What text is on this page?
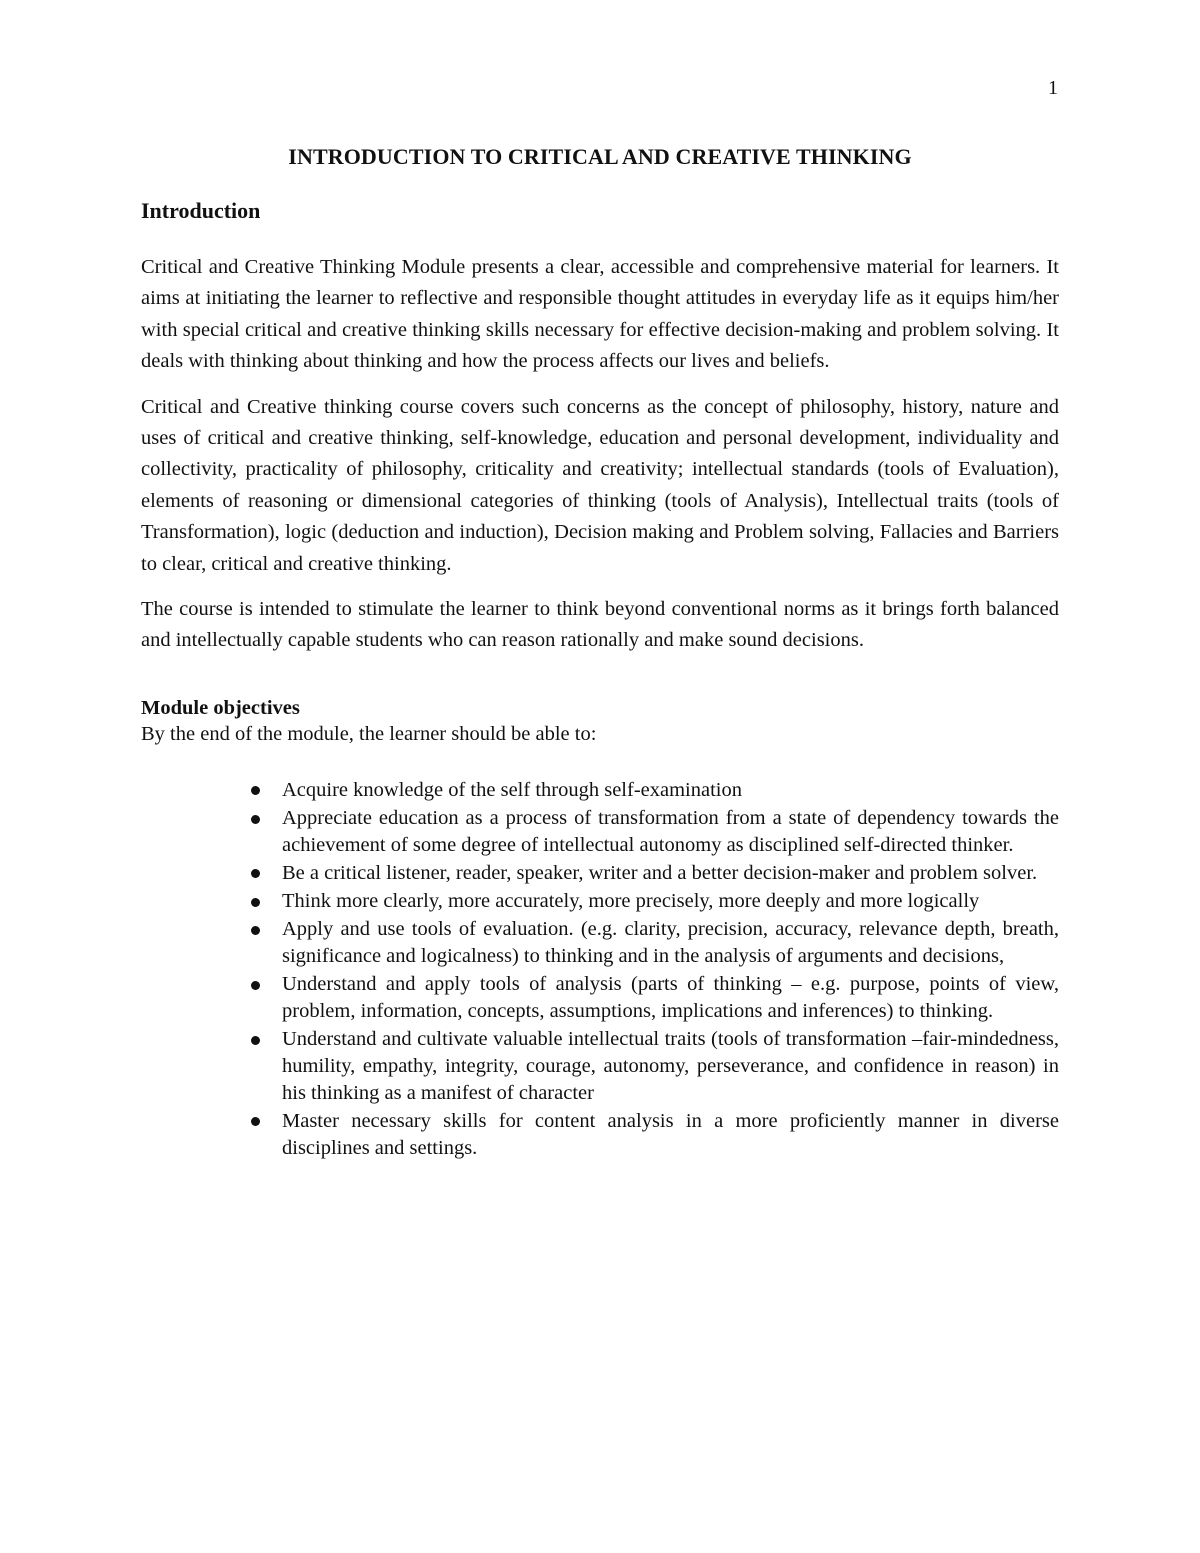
1
INTRODUCTION TO CRITICAL AND CREATIVE THINKING
Introduction

Critical and Creative Thinking Module presents a clear, accessible and comprehensive material for learners. It aims at initiating the learner to reflective and responsible thought attitudes in everyday life as it equips him/her with special critical and creative thinking skills necessary for effective decision-making and problem solving. It deals with thinking about thinking and how the process affects our lives and beliefs.

Critical and Creative thinking course covers such concerns as the concept of philosophy, history, nature and uses of critical and creative thinking, self-knowledge, education and personal development, individuality and collectivity, practicality of philosophy, criticality and creativity; intellectual standards (tools of Evaluation), elements of reasoning or dimensional categories of thinking (tools of Analysis), Intellectual traits (tools of Transformation), logic (deduction and induction), Decision making and Problem solving, Fallacies and Barriers to clear, critical and creative thinking.

The course is intended to stimulate the learner to think beyond conventional norms as it brings forth balanced and intellectually capable students who can reason rationally and make sound decisions.

Module objectives

By the end of the module, the learner should be able to:

Acquire knowledge of the self through self-examination
Appreciate education as a process of transformation from a state of dependency towards the achievement of some degree of intellectual autonomy as disciplined self-directed thinker.
Be a critical listener, reader, speaker, writer and a better decision-maker and problem solver.
Think more clearly, more accurately, more precisely, more deeply and more logically
Apply and use tools of evaluation. (e.g. clarity, precision, accuracy, relevance depth, breath, significance and logicalness) to thinking and in the analysis of arguments and decisions,
Understand and apply tools of analysis (parts of thinking – e.g. purpose, points of view, problem, information, concepts, assumptions, implications and inferences) to thinking.
Understand and cultivate valuable intellectual traits (tools of transformation –fair-mindedness, humility, empathy, integrity, courage, autonomy, perseverance, and confidence in reason) in his thinking as a manifest of character
Master necessary skills for content analysis in a more proficiently manner in diverse disciplines and settings.
